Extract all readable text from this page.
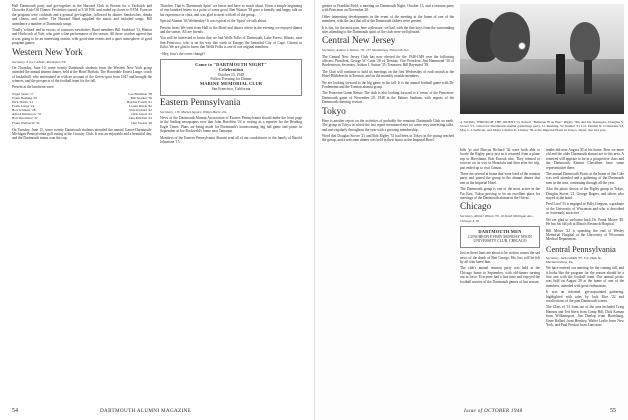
Hall Dartmouth party and get-together in the Harvard Club in Boston for a Yardstick and Chowder Kick-Off Dinner. Festivities started at 5:30 P.M. and ended up closer to 9 P.M. Even on the program were cocktails and a general get-together, followed by dinner. Sandwiches, drinks and cheers, and coffee. The Harvard Band supplied the music and included songs. Bill attendance a number of Dartmouth songs.

Totally 'refined' and in excess of contracts newsletter: Band members Bill Stoddard '13, Hutton and Hitchcock of Yale, who gave a fine performance of the season. All these coaches agreed that it was going to be an interesting season, with good-time events and a quiet atmosphere of good program games.

Western New York

Secretary, 6 rue CANAL, Rochester, NY.

On Thursday, June 10, some twenty Dartmouth students from the Western New York group attended the annual alumni dinner, held at the Hotel Buffalo. The Honorable Ernest Lange, coach of basketball, who entertained us with an account of the Green sport from 1947 and brought the winners, and the prospects of the football team for the fall.

Present at the luncheon were:

Nagel Stone '17	Lee Bushman '38
Frank Bushing '20	Bill Sparker '39
Dick Hobbs '21	Hayden Fourth '41
Frank Lange '24	Lorent Kitzle '42
Bert Schmutz '28	Stud Kickard '42
Alfred Kimborow '31	Dick Ausch '43
Bob Macalister '37	John Mitchell '44
Frank Walbrecht '34	Dan Swartz '48

On Tuesday, June 15, some twenty Dartmouth students attended the annual Garret-Dartmouth-Michigan-Pennsylvania golf outing at the Country Club. It was an enjoyable and a beautiful day, and the Dartmouth teams won the cup.

Thatcher. That is 'Dartmouth Spirit' we know and have so much about. From a simple beginning of one hundred letters to a point of some good. Ben Watson '38 gave a friendly and happy talk on his experience in class, and was glad to meet with all of the group.

Special Alumni '46 Wednesday! It was typical of the 'Spirit' we talk about.

Present from: We went from Hall to the Hotel and dinner where in the evening we enjoyed dinner and the sunset. All are friends.

You will be interested to know that we had Wells Folks of Dartmouth, Lake Forest, Illinois, near San Francisco, who is on his way this week to Europe, the beautiful City of Cape, Chianti in Ilaloi. We are glad to know that Wells Folks is one of our original members.

--Hey, how's the cover change?

Come to "DARTMOUTH NIGHT"

Celebration

October 15, 1948

Follow Evening for Dinner

MARINE MEMORIAL CLUB

San Francisco, California

Eastern Pennsylvania

Secretary, 1 W. Market Square, Wilkes-Barre, Pa.

News of the Dartmouth Alumni Association of Eastern Pennsylvania should make the front page in the leading newspapers now that John Burchlen '24 is writing as a reporter for the Reading Eagle Times. Plans are being made for Dartmouth's homecoming, big fall game and picnic in September at Joe Rockweld's home near Tamaqua.

Members of the Eastern Pennsylvania Alumni send all of our condolences to the family of Harold Johnstone '15.

54	DARTMOUTH ALUMNI MAGAZINE

greater or Franklin Field, a meeting on Dartmouth Night, October 15, and a reunion party with Princeton on November 20.

Other interesting developments in the event of the meeting at the home of one of the members, with the fact that all of the Dartmouth fathers were present.

It is fun, for the most part, here a pleasure: we had, with the fine boys from the surrounding sites attending to the Dartmouth spirit of the club were well pleased.

Central New Jersey

Secretary, Ashton J. Sutton, '35, 157 Woodstown, Trenton 8, N.J.

The Central New Jersey Club has now elected for the 1948-1949 year the following officers: President, George W. Cook '28 of Trenton; Vice President, Jim Hammond '30 of Bordentown; Secretary, Ashton J. Sutton '35; Treasurer, Bill Raymond '28.

The Club will continue to hold its meetings on the first Wednesday of each month at the Hotel Hildebrecht in Trenton, and on the monthly outside members.

We are looking forward to the big game in the fall. It is the annual football game with Dr. Fordemann and the Trenton alumni group.

The Princeton Game Rerun: The club is also looking forward to a 'rerun' of the Princeton-Dartmouth game of November 20, 1948 in the Palmer Stadium, with reports of the Dartmouth cheering section.

Tokyo

Here is another report on the activities of probably the remotest Dartmouth Club on earth. The group in Tokyo in which the last report mentioned met for some very interesting talks, and met regularly throughout the year with a growing membership.

Word that Douglas Stover '21 and Bob Rigley '31 had been in Tokyo in the spring reached the group, and a welcome dinner was held in their honor at the Imperial Hotel.

A SWING THROUGH THE ORIENT by Robert "Bellevue B us Bue" Rigley '39s and his managers, Douglas V. Stover '21, called for Dartmouth alumni gatherings party, Lt. Rushing, W. Walker '31 Col. Dennis N. Crittenden '23, Maj. L.J. Sullivan, and Major Charles E. Linsley '36 at the Imperial Hotel in Tokyo, Japan, late last year.

bills 'pi and Marcus Richard '42 were both able to locate the Rigley party just as it returned from a plane trip to Hiroshima. Bob Ensook also. They seemed to recover on its way to Honolulu and then after the trip, just ended up to visit Canton.

There are several at home that were fond of the reunion party and joined the group in the alumni dinner that met at the Imperial Hotel.

The Dartmouth group is one of the most active in the Far East, Tokyo proving to be an excellent place for meetings of the Dartmouth alumni in the Orient.

Chicago

Secretary, Robert Wilson '33, 10 South Michigan Ave., Chicago 3, Ill.

DARTMOUTH MEN

LUNCHEON EVERY MONDAY NOON

UNIVERSITY CLUB, CHICAGO

Just as these lines are about to be written comes the sad news of the death of Ben George. His loss will be felt by all who knew him.

The club's annual reunion party was held at the Chicago home in September, with old-timers turning out in force. Everyone had a fine time and enjoyed the football movies of the Dartmouth games of last season.

tenths did next August 30 at his home. Bow we more old and the older Dartmouth alumni are to this area. A renewed will appeare to be in a prospective class and the Dartmouth Alumni Chesidons have some representative there.

The annual Dartmouth Picnic at the home of Jim Cole was well attended and a gathering of the Dartmouth men in the area, continuing through all the year.

Also the photo shown of the Rigley group in Tokyo, Douglas Stover '21, George Rogers, and others who stayed at the hotel.

Fred Lord '33 is engaged to Polly Gregson, a graduate of the University of Wisconsin and who is described as 'extremely attractive'.

We are glad to welcome back Dr. Frank Moore '40. He has his old job at Illinois Research Hospital.

Bill Moser '22 is spending the end of Wesley Memorial Hospital at the University of Wisconsin Medical Department.

Central Pennsylvania

Secretary, Jack Liddell '37, 6 N. High St., Mechanicsburg, Pa.

We have entered our meeting for the coming fall, and it looks like the program for the season should be a fine one with the football team. Our annual picnic was held on August 29 at the home of one of the members, attended with great enthusiasm.

It was an informal, get-acquainted gathering, highlighted with tales by Jack Rice '22 and recollections of the past Dartmouth scenes.

The Class of '31 from out of the area included Craig Hanson and Ted Stern from Camp Hill, Dick Koman from Williamsport, Jim Dunlop from Harrisburg, Gene Ballard from Hershey, Walter Leslie from New York, and Paul Preston from Lancaster.

Issue of OCTOBER 1948	55
